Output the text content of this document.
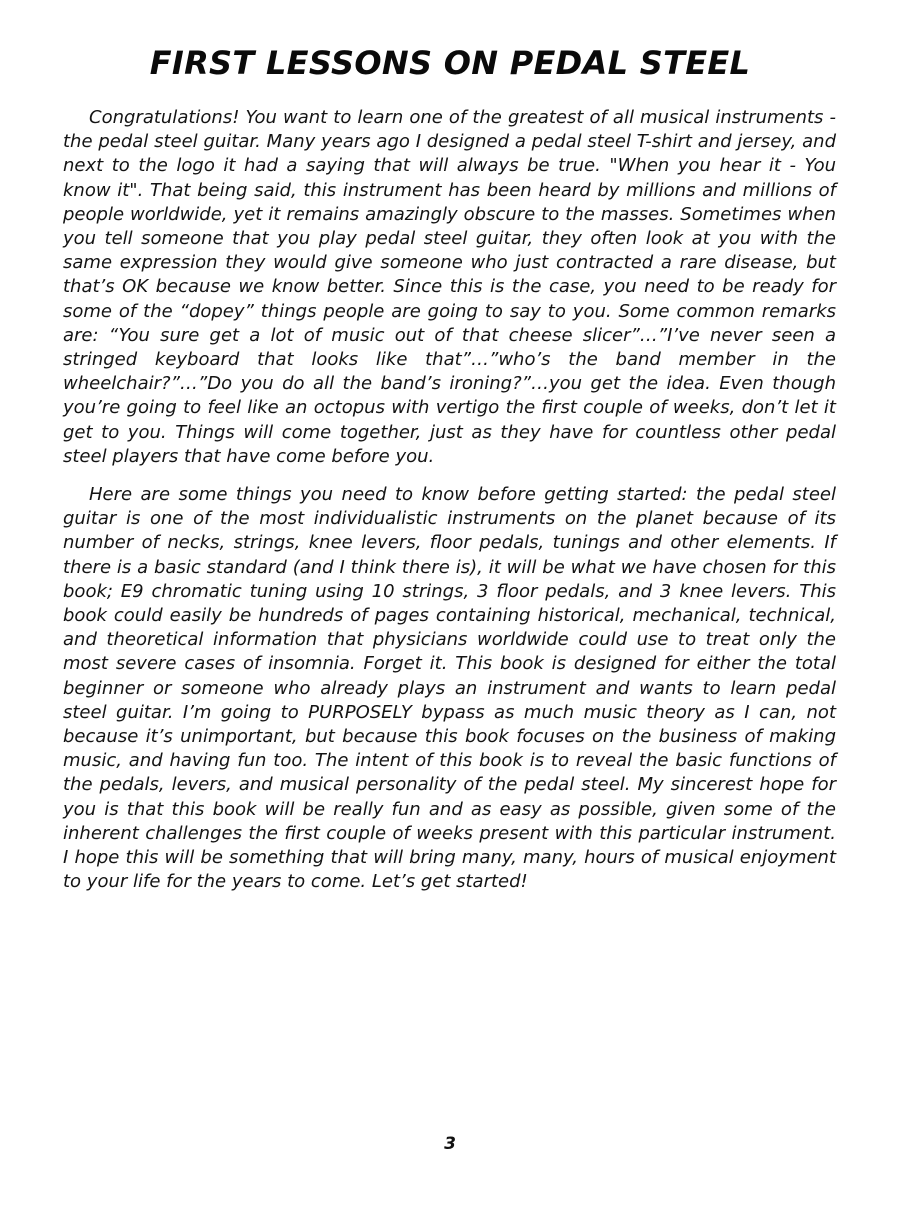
FIRST LESSONS ON PEDAL STEEL

Congratulations! You want to learn one of the greatest of all musical instruments - the pedal steel guitar. Many years ago I designed a pedal steel T-shirt and jersey, and next to the logo it had a saying that will always be true. "When you hear it - You know it". That being said, this instrument has been heard by millions and millions of people worldwide, yet it remains amazingly obscure to the masses. Sometimes when you tell someone that you play pedal steel guitar, they often look at you with the same expression they would give someone who just contracted a rare disease, but that’s OK because we know better. Since this is the case, you need to be ready for some of the “dopey” things people are going to say to you. Some common remarks are: “You sure get a lot of music out of that cheese slicer”…”I’ve never seen a stringed keyboard that looks like that”…”who’s the band member in the wheelchair?”…”Do you do all the band’s ironing?”…you get the idea. Even though you’re going to feel like an octopus with vertigo the first couple of weeks, don’t let it get to you. Things will come together, just as they have for countless other pedal steel players that have come before you.

Here are some things you need to know before getting started: the pedal steel guitar is one of the most individualistic instruments on the planet because of its number of necks, strings, knee levers, floor pedals, tunings and other elements. If there is a basic standard (and I think there is), it will be what we have chosen for this book; E9 chromatic tuning using 10 strings, 3 floor pedals, and 3 knee levers. This book could easily be hundreds of pages containing historical, mechanical, technical, and theoretical information that physicians worldwide could use to treat only the most severe cases of insomnia. Forget it. This book is designed for either the total beginner or someone who already plays an instrument and wants to learn pedal steel guitar. I’m going to PURPOSELY bypass as much music theory as I can, not because it’s unimportant, but because this book focuses on the business of making music, and having fun too. The intent of this book is to reveal the basic functions of the pedals, levers, and musical personality of the pedal steel. My sincerest hope for you is that this book will be really fun and as easy as possible, given some of the inherent challenges the first couple of weeks present with this particular instrument. I hope this will be something that will bring many, many, hours of musical enjoyment to your life for the years to come. Let’s get started!

3
